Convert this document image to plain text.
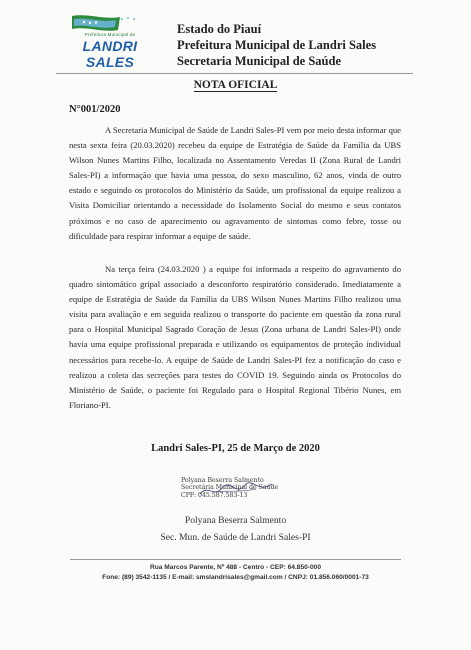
Prefeitura Municipal de
LANDRI SALES
Estado do Piauí
Prefeitura Municipal de Landri Sales
Secretaria Municipal de Saúde
NOTA OFICIAL
N°001/2020
A Secretaria Municipal de Saúde de Landri Sales-PI vem por meio desta informar que nesta sexta feira (20.03.2020) recebeu da equipe de Estratégia de Saúde da Família da UBS Wilson Nunes Martins Filho, localizada no Assentamento Veredas II (Zona Rural de Landri Sales-PI) a informação que havia uma pessoa, do sexo masculino, 62 anos, vinda de outro estado e seguindo os protocolos do Ministério da Saúde, um profissional da equipe realizou a Visita Domiciliar orientando a necessidade do Isolamento Social do mesmo e seus contatos próximos e no caso de aparecimento ou agravamento de sintomas como febre, tosse ou dificuldade para respirar informar a equipe de saúde.
Na terça feira (24.03.2020 ) a equipe foi informada a respeito do agravamento do quadro sintomático gripal associado a desconforto respiratório considerado. Imediatamente a equipe de Estratégia de Saúde da Família da UBS Wilson Nunes Martins Filho realizou uma visita para avaliação e em seguida realizou o transporte do paciente em questão da zona rural para o Hospital Municipal Sagrado Coração de Jesus (Zona urbana de Landri Sales-PI) onde havia uma equipe profissional preparada e utilizando os equipamentos de proteção individual necessários para recebe-lo. A equipe de Saúde de Landri Sales-PI fez a notificação do caso e realizou a coleta das secreções para testes do COVID 19. Seguindo ainda os Protocolos do Ministério de Saúde, o paciente foi Regulado para o Hospital Regional Tibério Nunes, em Floriano-PI.
Landri Sales-PI, 25 de Março de 2020
Polyana Beserra Salmento
Secretária Municipal de Saúde
CPF: 045.587.583-13
Polyana Beserra Salmento
Sec. Mun. de Saúde de Landri Sales-PI
Rua Marcos Parente, Nº 488 - Centro - CEP: 64.850-000
Fone: (89) 3542-1135 / E-mail: smslandrisales@gmail.com / CNPJ: 01.856.060/0001-73
